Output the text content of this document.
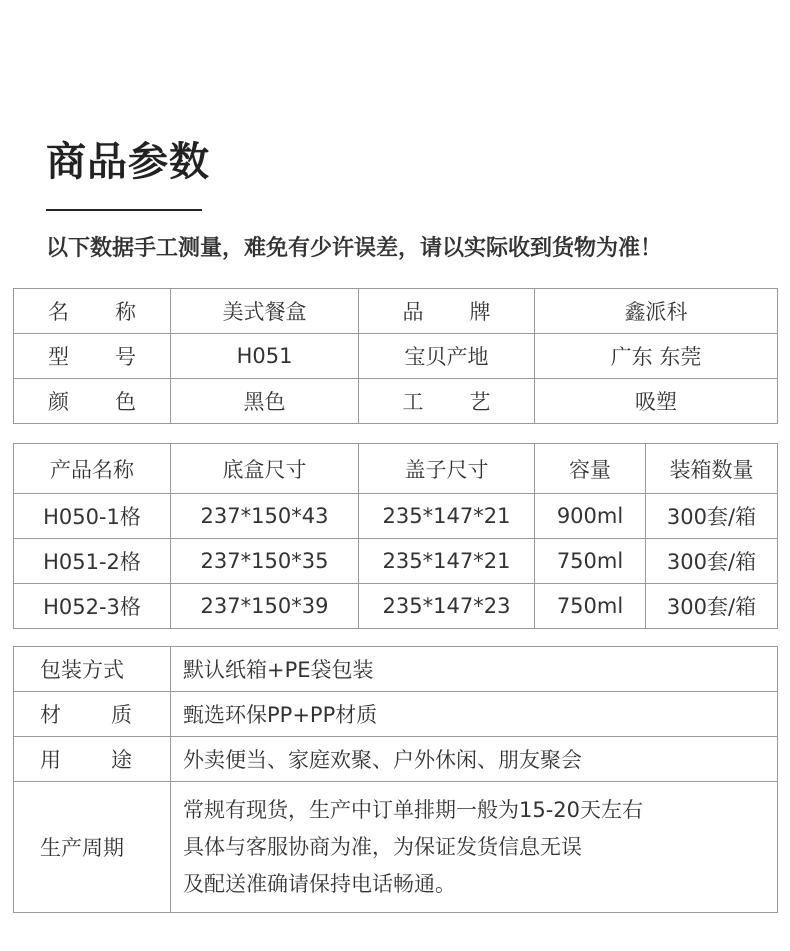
商品参数
以下数据手工测量，难免有少许误差，请以实际收到货物为准！
名 称	美式餐盒	品 牌	鑫派科

型 号	H051	宝贝产地	广东 东莞

颜 色	黑色	工 艺	吸塑
产品名称	底盒尺寸	盖子尺寸	容量	装箱数量
H050-1格	237*150*43	235*147*21	900ml	300套/箱
H051-2格	237*150*35	235*147*21	750ml	300套/箱
H052-3格	237*150*39	235*147*23	750ml	300套/箱
包装方式	默认纸箱+PE袋包装

材 质	甄选环保PP+PP材质

用 途	外卖便当、家庭欢聚、户外休闲、朋友聚会
生产周期	常规有现货，生产中订单排期一般为15-20天左右
具体与客服协商为准，为保证发货信息无误
及配送准确请保持电话畅通。
